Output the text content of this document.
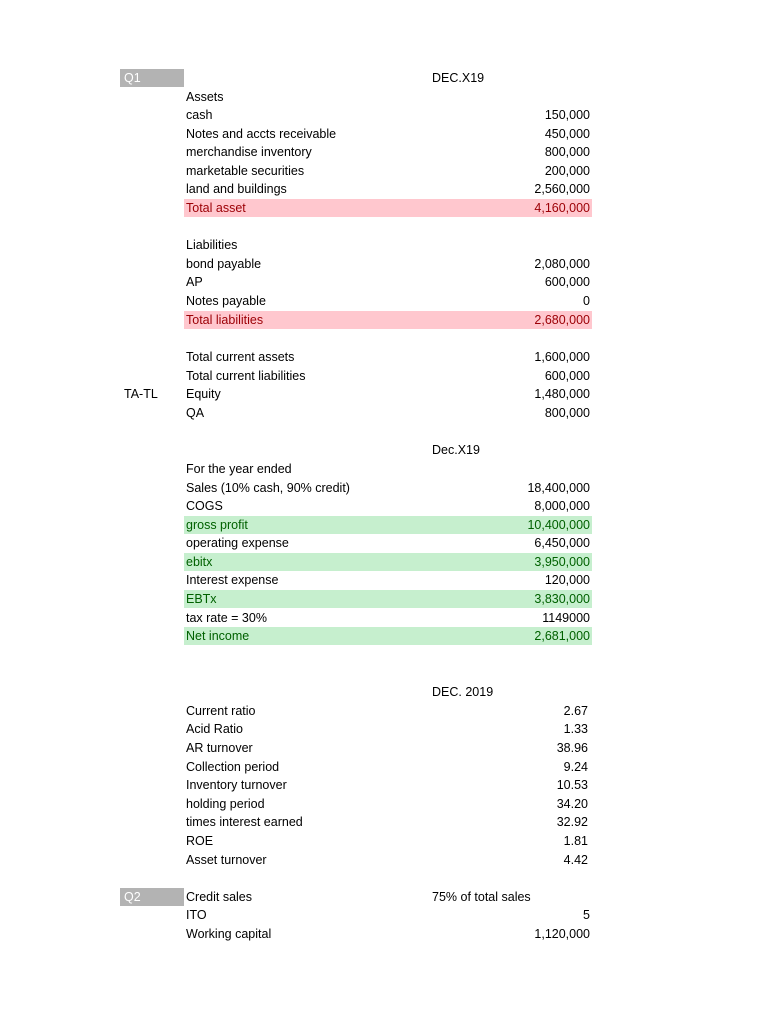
Q1	DEC.X19
Assets
cash	150,000
Notes and accts receivable	450,000
merchandise inventory	800,000
marketable securities	200,000
land and buildings	2,560,000
Total asset	4,160,000
Liabilities
bond payable	2,080,000
AP	600,000
Notes payable	0
Total liabilities	2,680,000
Total current assets	1,600,000
Total current liabilities	600,000
TA-TL	Equity	1,480,000
QA	800,000
Dec.X19
For the year ended
Sales (10% cash, 90% credit)	18,400,000
COGS	8,000,000
gross profit	10,400,000
operating expense	6,450,000
ebitx	3,950,000
Interest expense	120,000
EBTx	3,830,000
tax rate = 30%	1149000
Net income	2,681,000
DEC. 2019
Current ratio	2.67
Acid Ratio	1.33
AR turnover	38.96
Collection period	9.24
Inventory turnover	10.53
holding period	34.20
times interest earned	32.92
ROE	1.81
Asset turnover	4.42
Q2	Credit sales	75% of total sales
ITO	5
Working capital	1,120,000
